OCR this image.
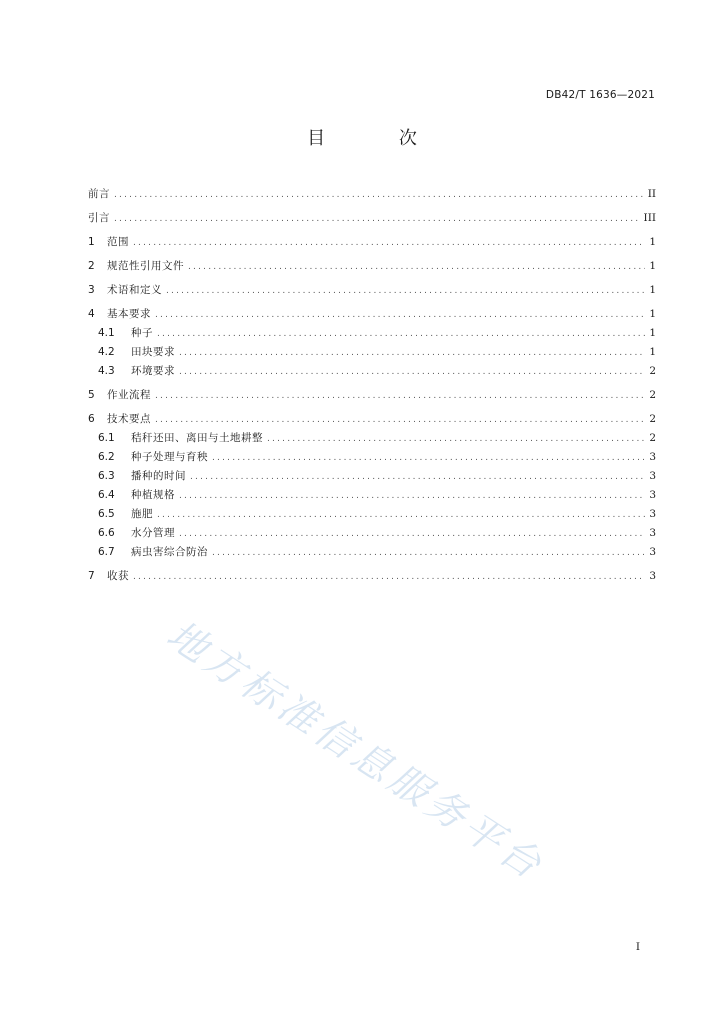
DB42/T 1636—2021
目 次
前言 .....	II
引言 .....	III
1	范围 .....	1
2	规范性引用文件 .....	1
3	术语和定义 .....	1
4	基本要求 .....	1
4.1	种子 .....	1
4.2	田块要求 .....	1
4.3	环境要求 .....	2
5	作业流程 .....	2
6	技术要点 .....	2
6.1	秸秆还田、离田与土地耕整 .....	2
6.2	种子处理与育秧 .....	3
6.3	播种的时间 .....	3
6.4	种植规格 .....	3
6.5	施肥 .....	3
6.6	水分管理 .....	3
6.7	病虫害综合防治 .....	3
7	收获 .....	3
地方标准信息服务平台
I
